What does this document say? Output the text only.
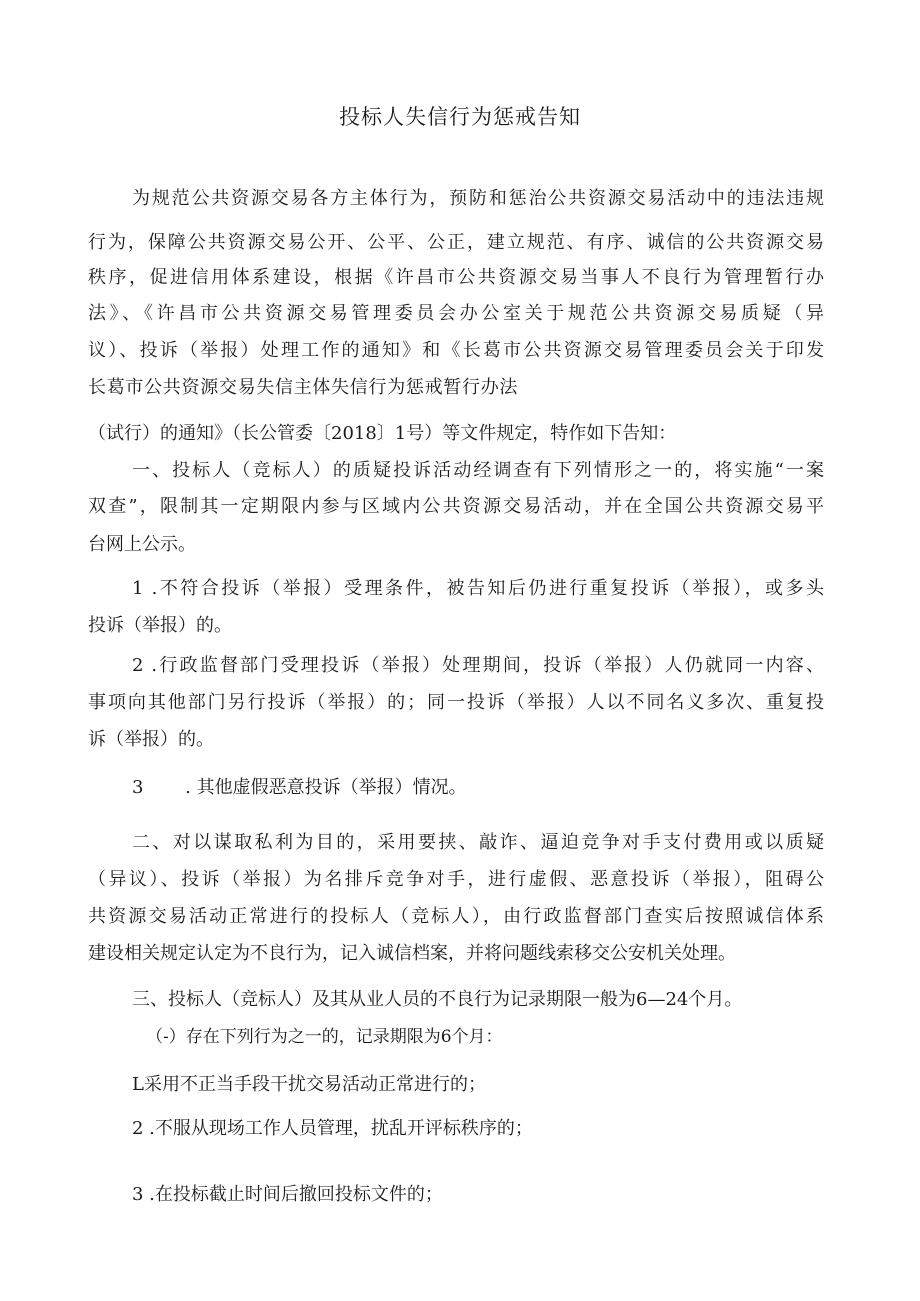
投标人失信行为惩戒告知
为规范公共资源交易各方主体行为，预防和惩治公共资源交易活动中的违法违规
行为，保障公共资源交易公开、公平、公正，建立规范、有序、诚信的公共资源交易
秩序，促进信用体系建设，根据《许昌市公共资源交易当事人不良行为管理暂行办
法》、《许昌市公共资源交易管理委员会办公室关于规范公共资源交易质疑（异
议）、投诉（举报）处理工作的通知》和《长葛市公共资源交易管理委员会关于印发
长葛市公共资源交易失信主体失信行为惩戒暂行办法
（试行）的通知》（长公管委〔2018〕1号）等文件规定，特作如下告知：
一、投标人（竞标人）的质疑投诉活动经调查有下列情形之一的，将实施“一案
双查”，限制其一定期限内参与区域内公共资源交易活动，并在全国公共资源交易平
台网上公示。
1 .不符合投诉（举报）受理条件，被告知后仍进行重复投诉（举报），或多头
投诉（举报）的。
2 .行政监督部门受理投诉（举报）处理期间，投诉（举报）人仍就同一内容、
事项向其他部门另行投诉（举报）的；同一投诉（举报）人以不同名义多次、重复投
诉（举报）的。
3 　　. 其他虚假恶意投诉（举报）情况。
二、对以谋取私利为目的，采用要挟、敲诈、逼迫竞争对手支付费用或以质疑
（异议）、投诉（举报）为名排斥竞争对手，进行虚假、恶意投诉（举报），阻碍公
共资源交易活动正常进行的投标人（竞标人），由行政监督部门查实后按照诚信体系
建设相关规定认定为不良行为，记入诚信档案，并将问题线索移交公安机关处理。
三、投标人（竞标人）及其从业人员的不良行为记录期限一般为6—24个月。
（-）存在下列行为之一的，记录期限为6个月：
L采用不正当手段干扰交易活动正常进行的；
2 .不服从现场工作人员管理，扰乱开评标秩序的；
3 .在投标截止时间后撤回投标文件的；
